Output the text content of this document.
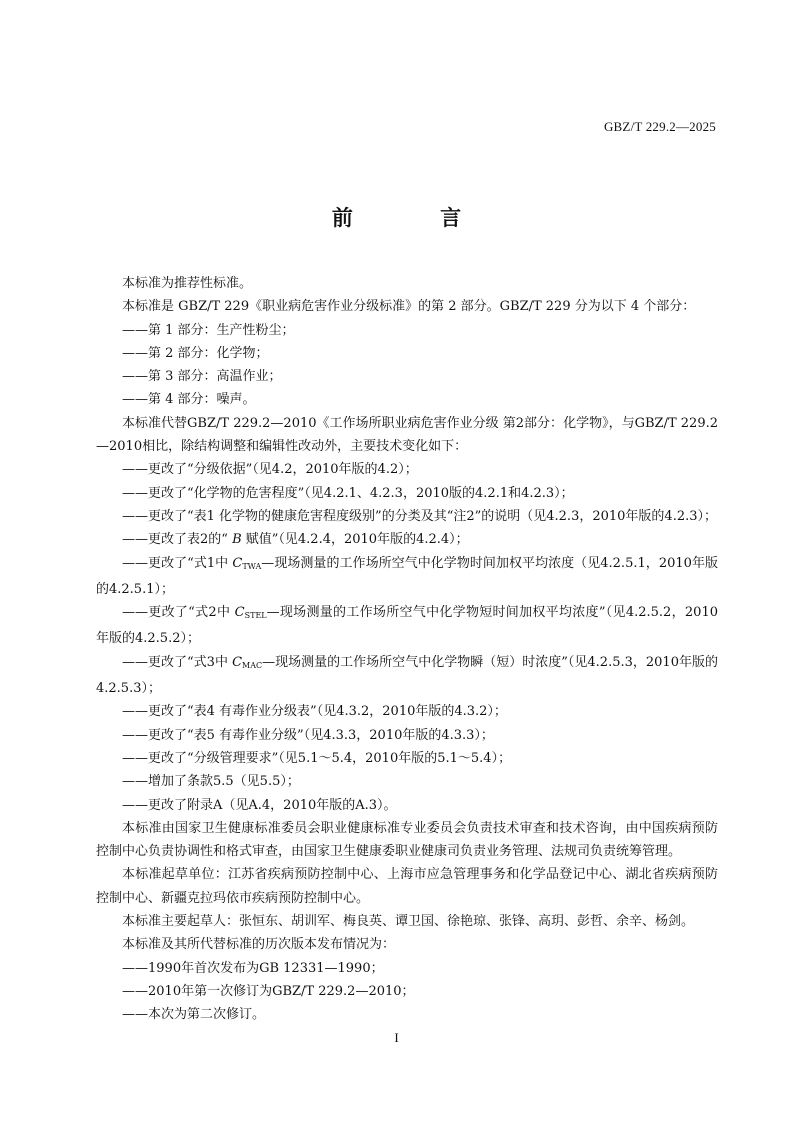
GBZ/T 229.2—2025
前 言

本标准为推荐性标准。

本标准是 GBZ/T 229《职业病危害作业分级标准》的第 2 部分。GBZ/T 229 分为以下 4 个部分：

——第 1 部分：生产性粉尘；

——第 2 部分：化学物；

——第 3 部分：高温作业；

——第 4 部分：噪声。

本标准代替GBZ/T 229.2—2010《工作场所职业病危害作业分级 第2部分：化学物》，与GBZ/T 229.2—2010相比，除结构调整和编辑性改动外，主要技术变化如下：

——更改了“分级依据”（见4.2，2010年版的4.2）；

——更改了“化学物的危害程度”（见4.2.1、4.2.3，2010版的4.2.1和4.2.3）；

——更改了“表1 化学物的健康危害程度级别”的分类及其“注2”的说明（见4.2.3，2010年版的4.2.3）；

——更改了表2的“ B 赋值”（见4.2.4，2010年版的4.2.4）；

——更改了“式1中 $C_{TWA}—$现场测量的工作场所空气中化学物时间加权平均浓度（见4.2.5.1，2010年版的4.2.5.1）；

——更改了“式2中 $C_{STEL}—$现场测量的工作场所空气中化学物短时间加权平均浓度”（见4.2.5.2，2010年版的4.2.5.2）；

——更改了“式3中 $C_{MAC}—$现场测量的工作场所空气中化学物瞬（短）时浓度”（见4.2.5.3，2010年版的4.2.5.3）；

——更改了“表4 有毒作业分级表”（见4.3.2，2010年版的4.3.2）；

——更改了“表5 有毒作业分级”（见4.3.3，2010年版的4.3.3）；

——更改了“分级管理要求”（见5.1～5.4，2010年版的5.1～5.4）；

——增加了条款5.5（见5.5）；

——更改了附录A（见A.4，2010年版的A.3）。

本标准由国家卫生健康标准委员会职业健康标准专业委员会负责技术审查和技术咨询，由中国疾病预防控制中心负责协调性和格式审查，由国家卫生健康委职业健康司负责业务管理、法规司负责统筹管理。

本标准起草单位：江苏省疾病预防控制中心、上海市应急管理事务和化学品登记中心、湖北省疾病预防控制中心、新疆克拉玛依市疾病预防控制中心。

本标准主要起草人：张恒东、胡训军、梅良英、谭卫国、徐艳琼、张锋、高玥、彭哲、余辛、杨剑。

本标准及其所代替标准的历次版本发布情况为：

——1990年首次发布为GB 12331—1990；

——2010年第一次修订为GBZ/T 229.2—2010；

——本次为第二次修订。

I
